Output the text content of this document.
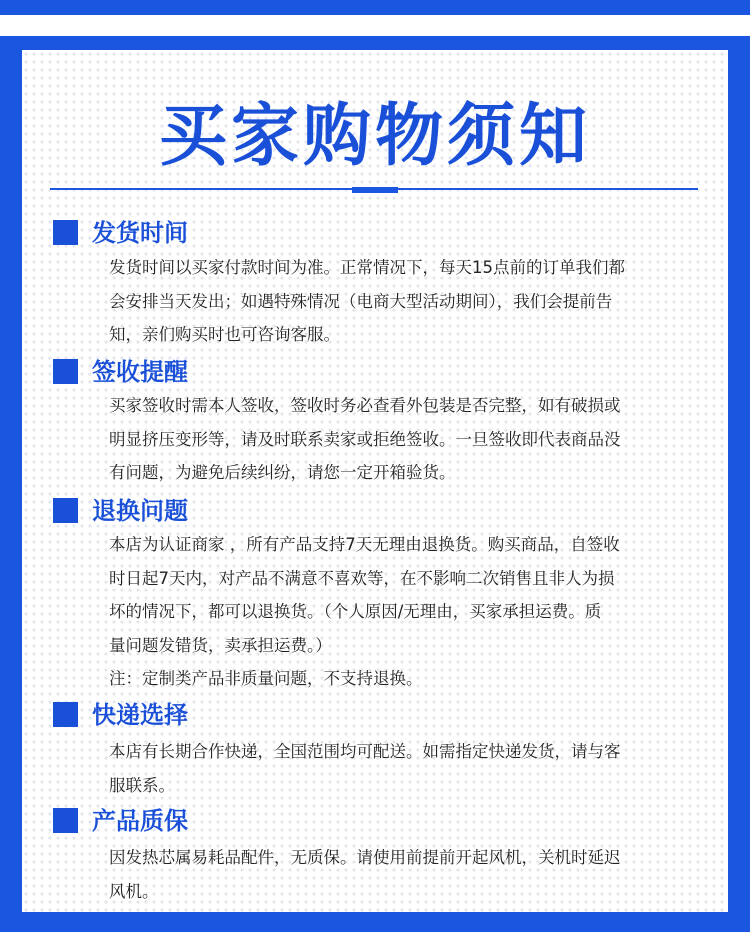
买家购物须知
发货时间

发货时间以买家付款时间为准。正常情况下，每天15点前的订单我们都

会安排当天发出；如遇特殊情况（电商大型活动期间），我们会提前告

知，亲们购买时也可咨询客服。

签收提醒

买家签收时需本人签收，签收时务必查看外包装是否完整，如有破损或

明显挤压变形等，请及时联系卖家或拒绝签收。一旦签收即代表商品没

有问题，为避免后续纠纷，请您一定开箱验货。

退换问题

本店为认证商家 ，所有产品支持7天无理由退换货。购买商品，自签收

时日起7天内，对产品不满意不喜欢等，在不影响二次销售且非人为损

坏的情况下，都可以退换货。（个人原因/无理由，买家承担运费。质

量问题发错货，卖承担运费。）

注：定制类产品非质量问题，不支持退换。

快递选择

本店有长期合作快递，全国范围均可配送。如需指定快递发货，请与客

服联系。

产品质保

因发热芯属易耗品配件，无质保。请使用前提前开起风机，关机时延迟

风机。
